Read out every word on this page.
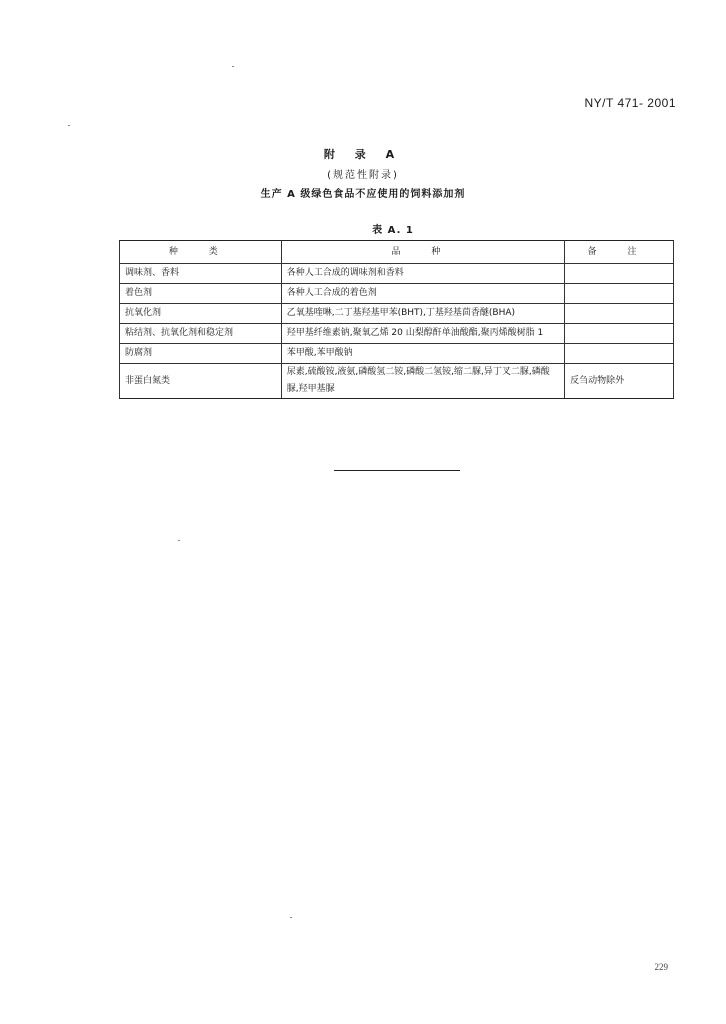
NY/T 471- 2001
附 录 A
(规范性附录)
生产 A 级绿色食品不应使用的饲料添加剂
表 A. 1
种 类	品 种	备 注
调味剂、香料	各种人工合成的调味剂和香料	
着色剂	各种人工合成的着色剂	
抗氧化剂	乙氧基喹啉,二丁基羟基甲苯(BHT),丁基羟基茴香醚(BHA)	
粘结剂、抗氧化剂和稳定剂	羟甲基纤维素钠,聚氧乙烯 20 山梨醇酐单油酸酯,聚丙烯酸树脂 1	
防腐剂	苯甲酸,苯甲酸钠	
非蛋白氮类	尿素,硫酸铵,液氨,磷酸氢二铵,磷酸二氢铵,缩二脲,异丁叉二脲,磷酸脲,羟甲基脲	反刍动物除外
229
